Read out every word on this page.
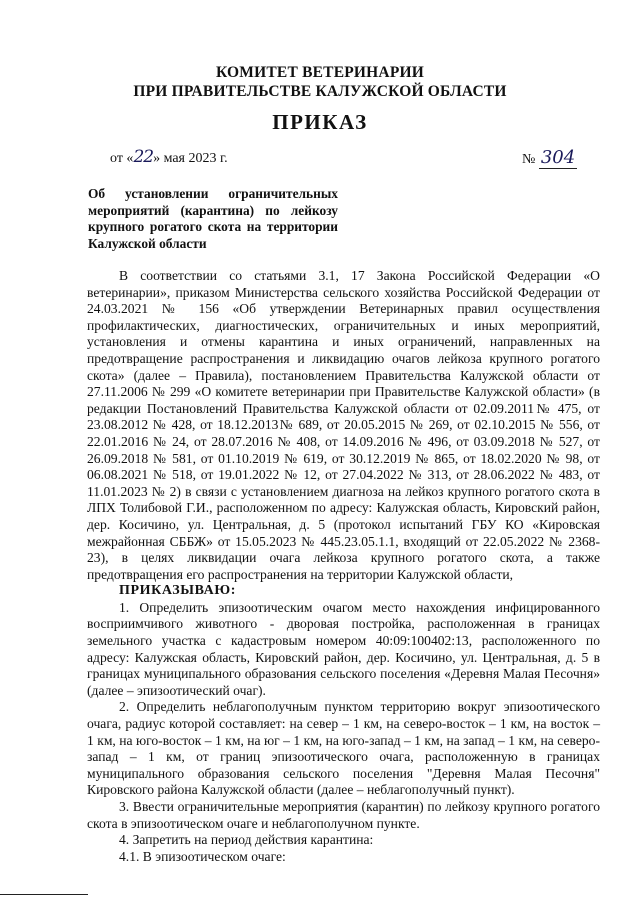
КОМИТЕТ ВЕТЕРИНАРИИ
ПРИ ПРАВИТЕЛЬСТВЕ КАЛУЖСКОЙ ОБЛАСТИ
ПРИКАЗ
от «22» мая 2023 г.	№ 304
Об установлении ограничительных мероприятий (карантина) по лейкозу крупного рогатого скота на территории Калужской области

В соответствии со статьями 3.1, 17 Закона Российской Федерации «О ветеринарии», приказом Министерства сельского хозяйства Российской Федерации от 24.03.2021 № 156 «Об утверждении Ветеринарных правил осуществления профилактических, диагностических, ограничительных и иных мероприятий, установления и отмены карантина и иных ограничений, направленных на предотвращение распространения и ликвидацию очагов лейкоза крупного рогатого скота» (далее – Правила), постановлением Правительства Калужской области от 27.11.2006 № 299 «О комитете ветеринарии при Правительстве Калужской области» (в редакции Постановлений Правительства Калужской области от 02.09.2011№ 475, от 23.08.2012 № 428, от 18.12.2013№ 689, от 20.05.2015 № 269, от 02.10.2015 № 556, от 22.01.2016 № 24, от 28.07.2016 № 408, от 14.09.2016 № 496, от 03.09.2018 № 527, от 26.09.2018 № 581, от 01.10.2019 № 619, от 30.12.2019 № 865, от 18.02.2020 № 98, от 06.08.2021 № 518, от 19.01.2022 № 12, от 27.04.2022 № 313, от 28.06.2022 № 483, от 11.01.2023 № 2) в связи с установлением диагноза на лейкоз крупного рогатого скота в ЛПХ Толибовой Г.И., расположенном по адресу: Калужская область, Кировский район, дер. Косичино, ул. Центральная, д. 5 (протокол испытаний ГБУ КО «Кировская межрайонная СББЖ» от 15.05.2023 № 445.23.05.1.1, входящий от 22.05.2022 № 2368-23), в целях ликвидации очага лейкоза крупного рогатого скота, а также предотвращения его распространения на территории Калужской области,

ПРИКАЗЫВАЮ:

1. Определить эпизоотическим очагом место нахождения инфицированного восприимчивого животного - дворовая постройка, расположенная в границах земельного участка с кадастровым номером 40:09:100402:13, расположенного по адресу: Калужская область, Кировский район, дер. Косичино, ул. Центральная, д. 5 в границах муниципального образования сельского поселения «Деревня Малая Песочня» (далее – эпизоотический очаг).

2. Определить неблагополучным пунктом территорию вокруг эпизоотического очага, радиус которой составляет: на север – 1 км, на северо-восток – 1 км, на восток – 1 км, на юго-восток – 1 км, на юг – 1 км, на юго-запад – 1 км, на запад – 1 км, на северо-запад – 1 км, от границ эпизоотического очага, расположенную в границах муниципального образования сельского поселения "Деревня Малая Песочня" Кировского района Калужской области (далее – неблагополучный пункт).

3. Ввести ограничительные мероприятия (карантин) по лейкозу крупного рогатого скота в эпизоотическом очаге и неблагополучном пункте.

4. Запретить на период действия карантина:

4.1. В эпизоотическом очаге:
